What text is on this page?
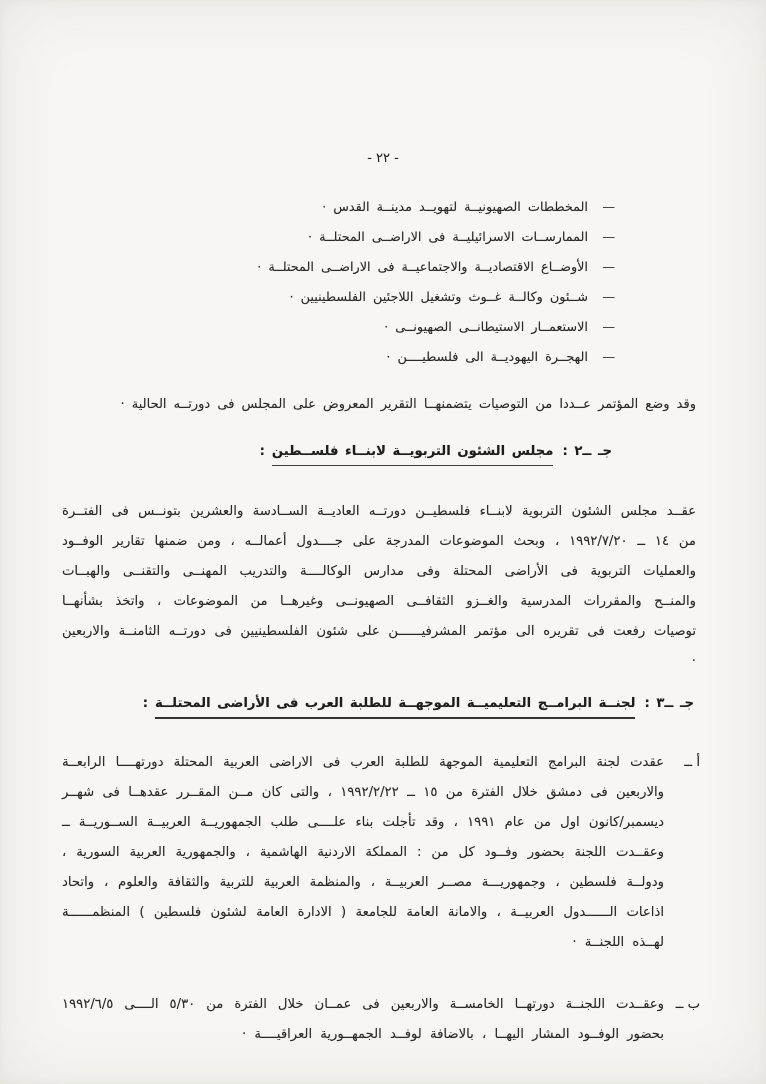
- ٢٢ -
—
المخططات الصهيونيــة لتهويــد مدينــة القدس ·
—
الممارســات الاسرائيليــة فى الاراضــى المحتلــة ·
—
الأوضــاع الاقتصاديــة والاجتماعيــة فى الاراضــى المحتلــة ·
—
شــئون وكالــة غــوث وتشغيل اللاجئين الفلسطينيين ·
—
الاستعمــار الاستيطانــى الصهيونــى ·
—
الهجــرة اليهوديــة الى فلسطيــــن ·
وقد وضع المؤتمر عــددا من التوصيات يتضمنهــا التقرير المعروض على المجلس فى دورتــه الحالية ·
جـ ــ٢ :مجلس الشئون التربويــة لابنــاء فلســطين:
عقــد مجلس الشئون التربوية لابنــاء فلسطيــن دورتــه العاديــة الســادسة والعشرين بتونــس فى الفتــرة من ١٤ ــ ١٩٩٢/٧/٢٠ ، وبحث الموضوعات المدرجة على جــــدول أعمالــه ، ومن ضمنها تقارير الوفــود والعمليات التربوية فى الأراضى المحتلة وفى مدارس الوكالــــة والتدريب المهنــى والتقنــى والهبــات والمنــح والمقررات المدرسية والغــزو الثقافــى الصهيونــى وغيرهــا من الموضوعات ، واتخذ بشأنهــا توصيات رفعت فى تقريره الى مؤتمر المشرفيــــــن على شئون الفلسطينيين فى دورتــه الثامنــة والاربعين ·
جـ ــ٣ :لجنــة البرامــج التعليميــة الموجهــة للطلبة العرب فى الأراضى المحتلــة:
أ ــ
عقدت لجنة البرامج التعليمية الموجهة للطلبة العرب فى الاراضى العربية المحتلة دورتهــــا الرابعــة والاربعين فى دمشق خلال الفترة من ١٥ ــ ١٩٩٢/٢/٢٢ ، والتى كان مــن المقــرر عقدهــا فى شهــر ديسمبر/كانون اول من عام ١٩٩١ ، وقد تأجلت بناء علــــى طلب الجمهوريــة العربيــة الســوريــة ــ وعقــدت اللجنة بحضور وفــود كل من : المملكة الاردنية الهاشمية ، والجمهورية العربية السورية ، ودولــة فلسطين ، وجمهوريـــة مصــر العربيــة ، والمنظمة العربية للتربية والثقافة والعلوم ، واتحاد اذاعات الــــــدول العربيــة ، والامانة العامة للجامعة ( الادارة العامة لشئون فلسطين ) المنظمــــــة لهــذه اللجنــة ·
ب ــ
وعقــدت اللجنــة دورتهــا الخامســة والاربعين فى عمــان خلال الفترة من ٥/٣٠ الــــى ١٩٩٢/٦/٥ بحضور الوفــود المشار اليهــا ، بالاضافة لوفــد الجمهــورية العراقيــــة ·
